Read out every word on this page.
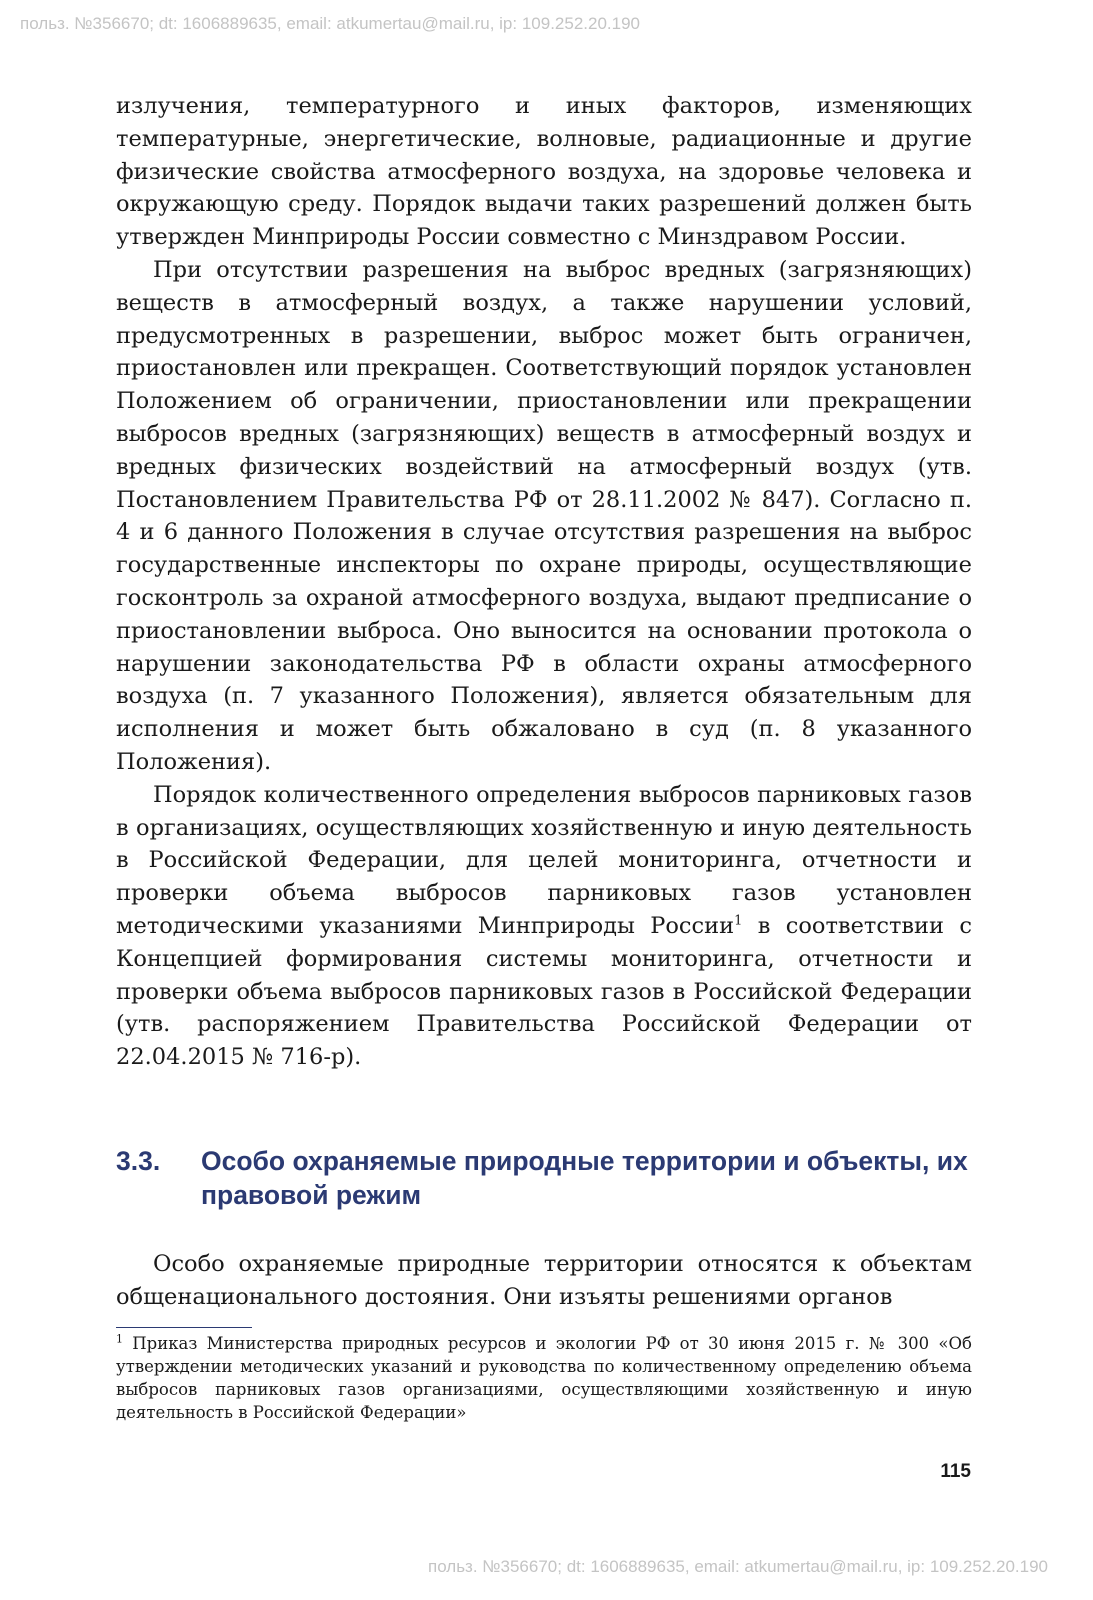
польз. №356670; dt: 1606889635, email: atkumertau@mail.ru, ip: 109.252.20.190

излучения, температурного и иных факторов, изменяющих температурные, энергетические, волновые, радиационные и другие физические свойства атмосферного воздуха, на здоровье человека и окружающую среду. Порядок выдачи таких разрешений должен быть утвержден Минприроды России совместно с Минздравом России.

При отсутствии разрешения на выброс вредных (загрязняющих) веществ в атмосферный воздух, а также нарушении условий, предусмотренных в разрешении, выброс может быть ограничен, приостановлен или прекращен. Соответствующий порядок установлен Положением об ограничении, приостановлении или прекращении выбросов вредных (загрязняющих) веществ в атмосферный воздух и вредных физических воздействий на атмосферный воздух (утв. Постановлением Правительства РФ от 28.11.2002 № 847). Согласно п. 4 и 6 данного Положения в случае отсутствия разрешения на выброс государственные инспекторы по охране природы, осуществляющие госконтроль за охраной атмосферного воздуха, выдают предписание о приостановлении выброса. Оно выносится на основании протокола о нарушении законодательства РФ в области охраны атмосферного воздуха (п. 7 указанного Положения), является обязательным для исполнения и может быть обжаловано в суд (п. 8 указанного Положения).

Порядок количественного определения выбросов парниковых газов в организациях, осуществляющих хозяйственную и иную деятельность в Российской Федерации, для целей мониторинга, отчетности и проверки объема выбросов парниковых газов установлен методическими указаниями Минприроды России$^1$ в соответствии с Концепцией формирования системы мониторинга, отчетности и проверки объема выбросов парниковых газов в Российской Федерации (утв. распоряжением Правительства Российской Федерации от 22.04.2015 № 716-р).

3.3. Особо охраняемые природные территории и объекты, их правовой режим

Особо охраняемые природные территории относятся к объектам общенационального достояния. Они изъяты решениями органов

$^1$ Приказ Министерства природных ресурсов и экологии РФ от 30 июня 2015 г. № 300 «Об утверждении методических указаний и руководства по количественному определению объема выбросов парниковых газов организациями, осуществляющими хозяйственную и иную деятельность в Российской Федерации»
115
польз. №356670; dt: 1606889635, email: atkumertau@mail.ru, ip: 109.252.20.190
